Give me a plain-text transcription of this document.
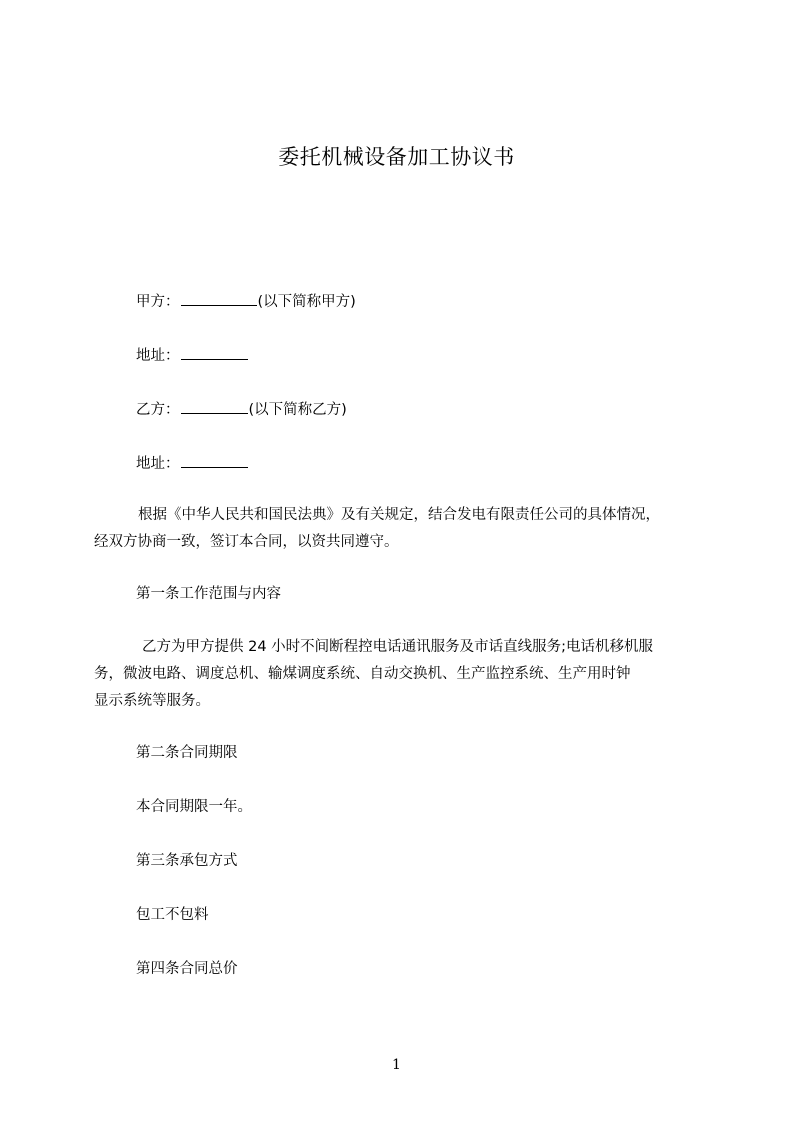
委托机械设备加工协议书
甲方：	(以下简称甲方)
地址：
乙方：	(以下简称乙方)
地址：
根据《中华人民共和国民法典》及有关规定，结合发电有限责任公司的具体情况，
经双方协商一致，签订本合同，以资共同遵守。
第一条工作范围与内容
乙方为甲方提供 24 小时不间断程控电话通讯服务及市话直线服务;电话机移机服
务，微波电路、调度总机、输煤调度系统、自动交换机、生产监控系统、生产用时钟
显示系统等服务。
第二条合同期限
本合同期限一年。
第三条承包方式
包工不包料
第四条合同总价
1
